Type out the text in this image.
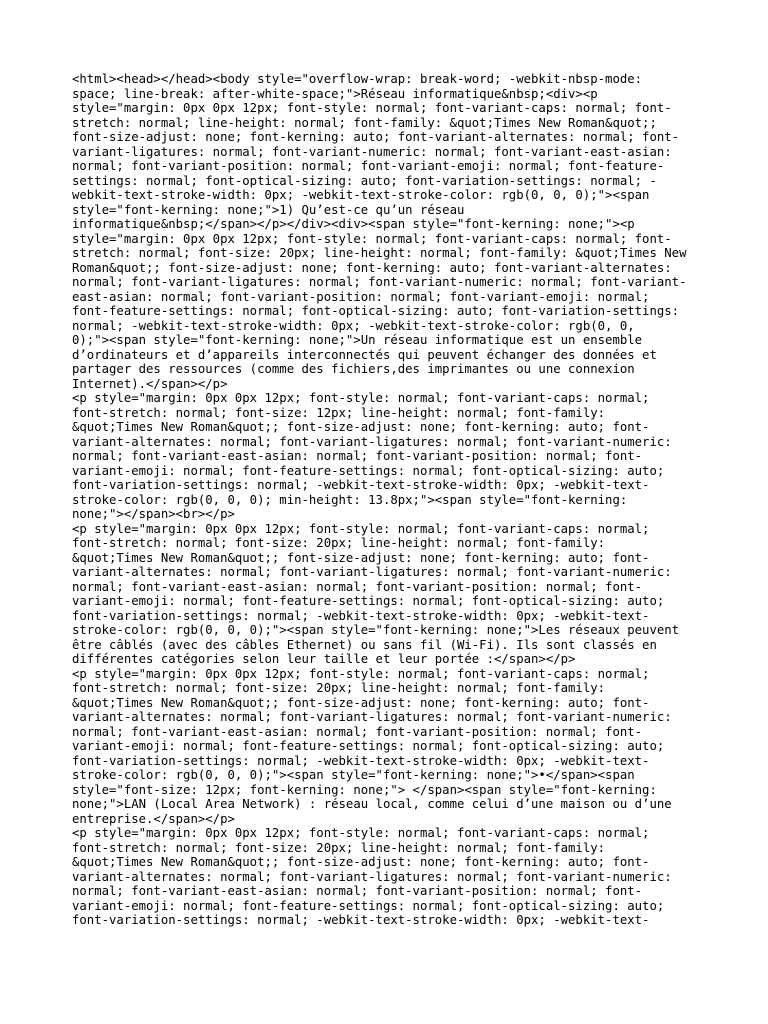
<html><head></head><body style="overflow-wrap: break-word; -webkit-nbsp-mode:
space; line-break: after-white-space;">Réseau informatique&nbsp;<div><p
style="margin: 0px 0px 12px; font-style: normal; font-variant-caps: normal; font-
stretch: normal; line-height: normal; font-family: &quot;Times New Roman&quot;;
font-size-adjust: none; font-kerning: auto; font-variant-alternates: normal; font-
variant-ligatures: normal; font-variant-numeric: normal; font-variant-east-asian:
normal; font-variant-position: normal; font-variant-emoji: normal; font-feature-
settings: normal; font-optical-sizing: auto; font-variation-settings: normal; -
webkit-text-stroke-width: 0px; -webkit-text-stroke-color: rgb(0, 0, 0);"><span
style="font-kerning: none;">1) Qu’est-ce qu’un réseau
informatique&nbsp;</span></p></div><div><span style="font-kerning: none;"><p
style="margin: 0px 0px 12px; font-style: normal; font-variant-caps: normal; font-
stretch: normal; font-size: 20px; line-height: normal; font-family: &quot;Times New
Roman&quot;; font-size-adjust: none; font-kerning: auto; font-variant-alternates:
normal; font-variant-ligatures: normal; font-variant-numeric: normal; font-variant-
east-asian: normal; font-variant-position: normal; font-variant-emoji: normal;
font-feature-settings: normal; font-optical-sizing: auto; font-variation-settings:
normal; -webkit-text-stroke-width: 0px; -webkit-text-stroke-color: rgb(0, 0,
0);"><span style="font-kerning: none;">Un réseau informatique est un ensemble
d’ordinateurs et d’appareils interconnectés qui peuvent échanger des données et
partager des ressources (comme des fichiers,des imprimantes ou une connexion
Internet).</span></p>
<p style="margin: 0px 0px 12px; font-style: normal; font-variant-caps: normal;
font-stretch: normal; font-size: 12px; line-height: normal; font-family:
&quot;Times New Roman&quot;; font-size-adjust: none; font-kerning: auto; font-
variant-alternates: normal; font-variant-ligatures: normal; font-variant-numeric:
normal; font-variant-east-asian: normal; font-variant-position: normal; font-
variant-emoji: normal; font-feature-settings: normal; font-optical-sizing: auto;
font-variation-settings: normal; -webkit-text-stroke-width: 0px; -webkit-text-
stroke-color: rgb(0, 0, 0); min-height: 13.8px;"><span style="font-kerning:
none;"></span><br></p>
<p style="margin: 0px 0px 12px; font-style: normal; font-variant-caps: normal;
font-stretch: normal; font-size: 20px; line-height: normal; font-family:
&quot;Times New Roman&quot;; font-size-adjust: none; font-kerning: auto; font-
variant-alternates: normal; font-variant-ligatures: normal; font-variant-numeric:
normal; font-variant-east-asian: normal; font-variant-position: normal; font-
variant-emoji: normal; font-feature-settings: normal; font-optical-sizing: auto;
font-variation-settings: normal; -webkit-text-stroke-width: 0px; -webkit-text-
stroke-color: rgb(0, 0, 0);"><span style="font-kerning: none;">Les réseaux peuvent
être câblés (avec des câbles Ethernet) ou sans fil (Wi-Fi). Ils sont classés en
différentes catégories selon leur taille et leur portée :</span></p>
<p style="margin: 0px 0px 12px; font-style: normal; font-variant-caps: normal;
font-stretch: normal; font-size: 20px; line-height: normal; font-family:
&quot;Times New Roman&quot;; font-size-adjust: none; font-kerning: auto; font-
variant-alternates: normal; font-variant-ligatures: normal; font-variant-numeric:
normal; font-variant-east-asian: normal; font-variant-position: normal; font-
variant-emoji: normal; font-feature-settings: normal; font-optical-sizing: auto;
font-variation-settings: normal; -webkit-text-stroke-width: 0px; -webkit-text-
stroke-color: rgb(0, 0, 0);"><span style="font-kerning: none;">•</span><span
style="font-size: 12px; font-kerning: none;"> </span><span style="font-kerning:
none;">LAN (Local Area Network) : réseau local, comme celui d’une maison ou d’une
entreprise.</span></p>
<p style="margin: 0px 0px 12px; font-style: normal; font-variant-caps: normal;
font-stretch: normal; font-size: 20px; line-height: normal; font-family:
&quot;Times New Roman&quot;; font-size-adjust: none; font-kerning: auto; font-
variant-alternates: normal; font-variant-ligatures: normal; font-variant-numeric:
normal; font-variant-east-asian: normal; font-variant-position: normal; font-
variant-emoji: normal; font-feature-settings: normal; font-optical-sizing: auto;
font-variation-settings: normal; -webkit-text-stroke-width: 0px; -webkit-text-
